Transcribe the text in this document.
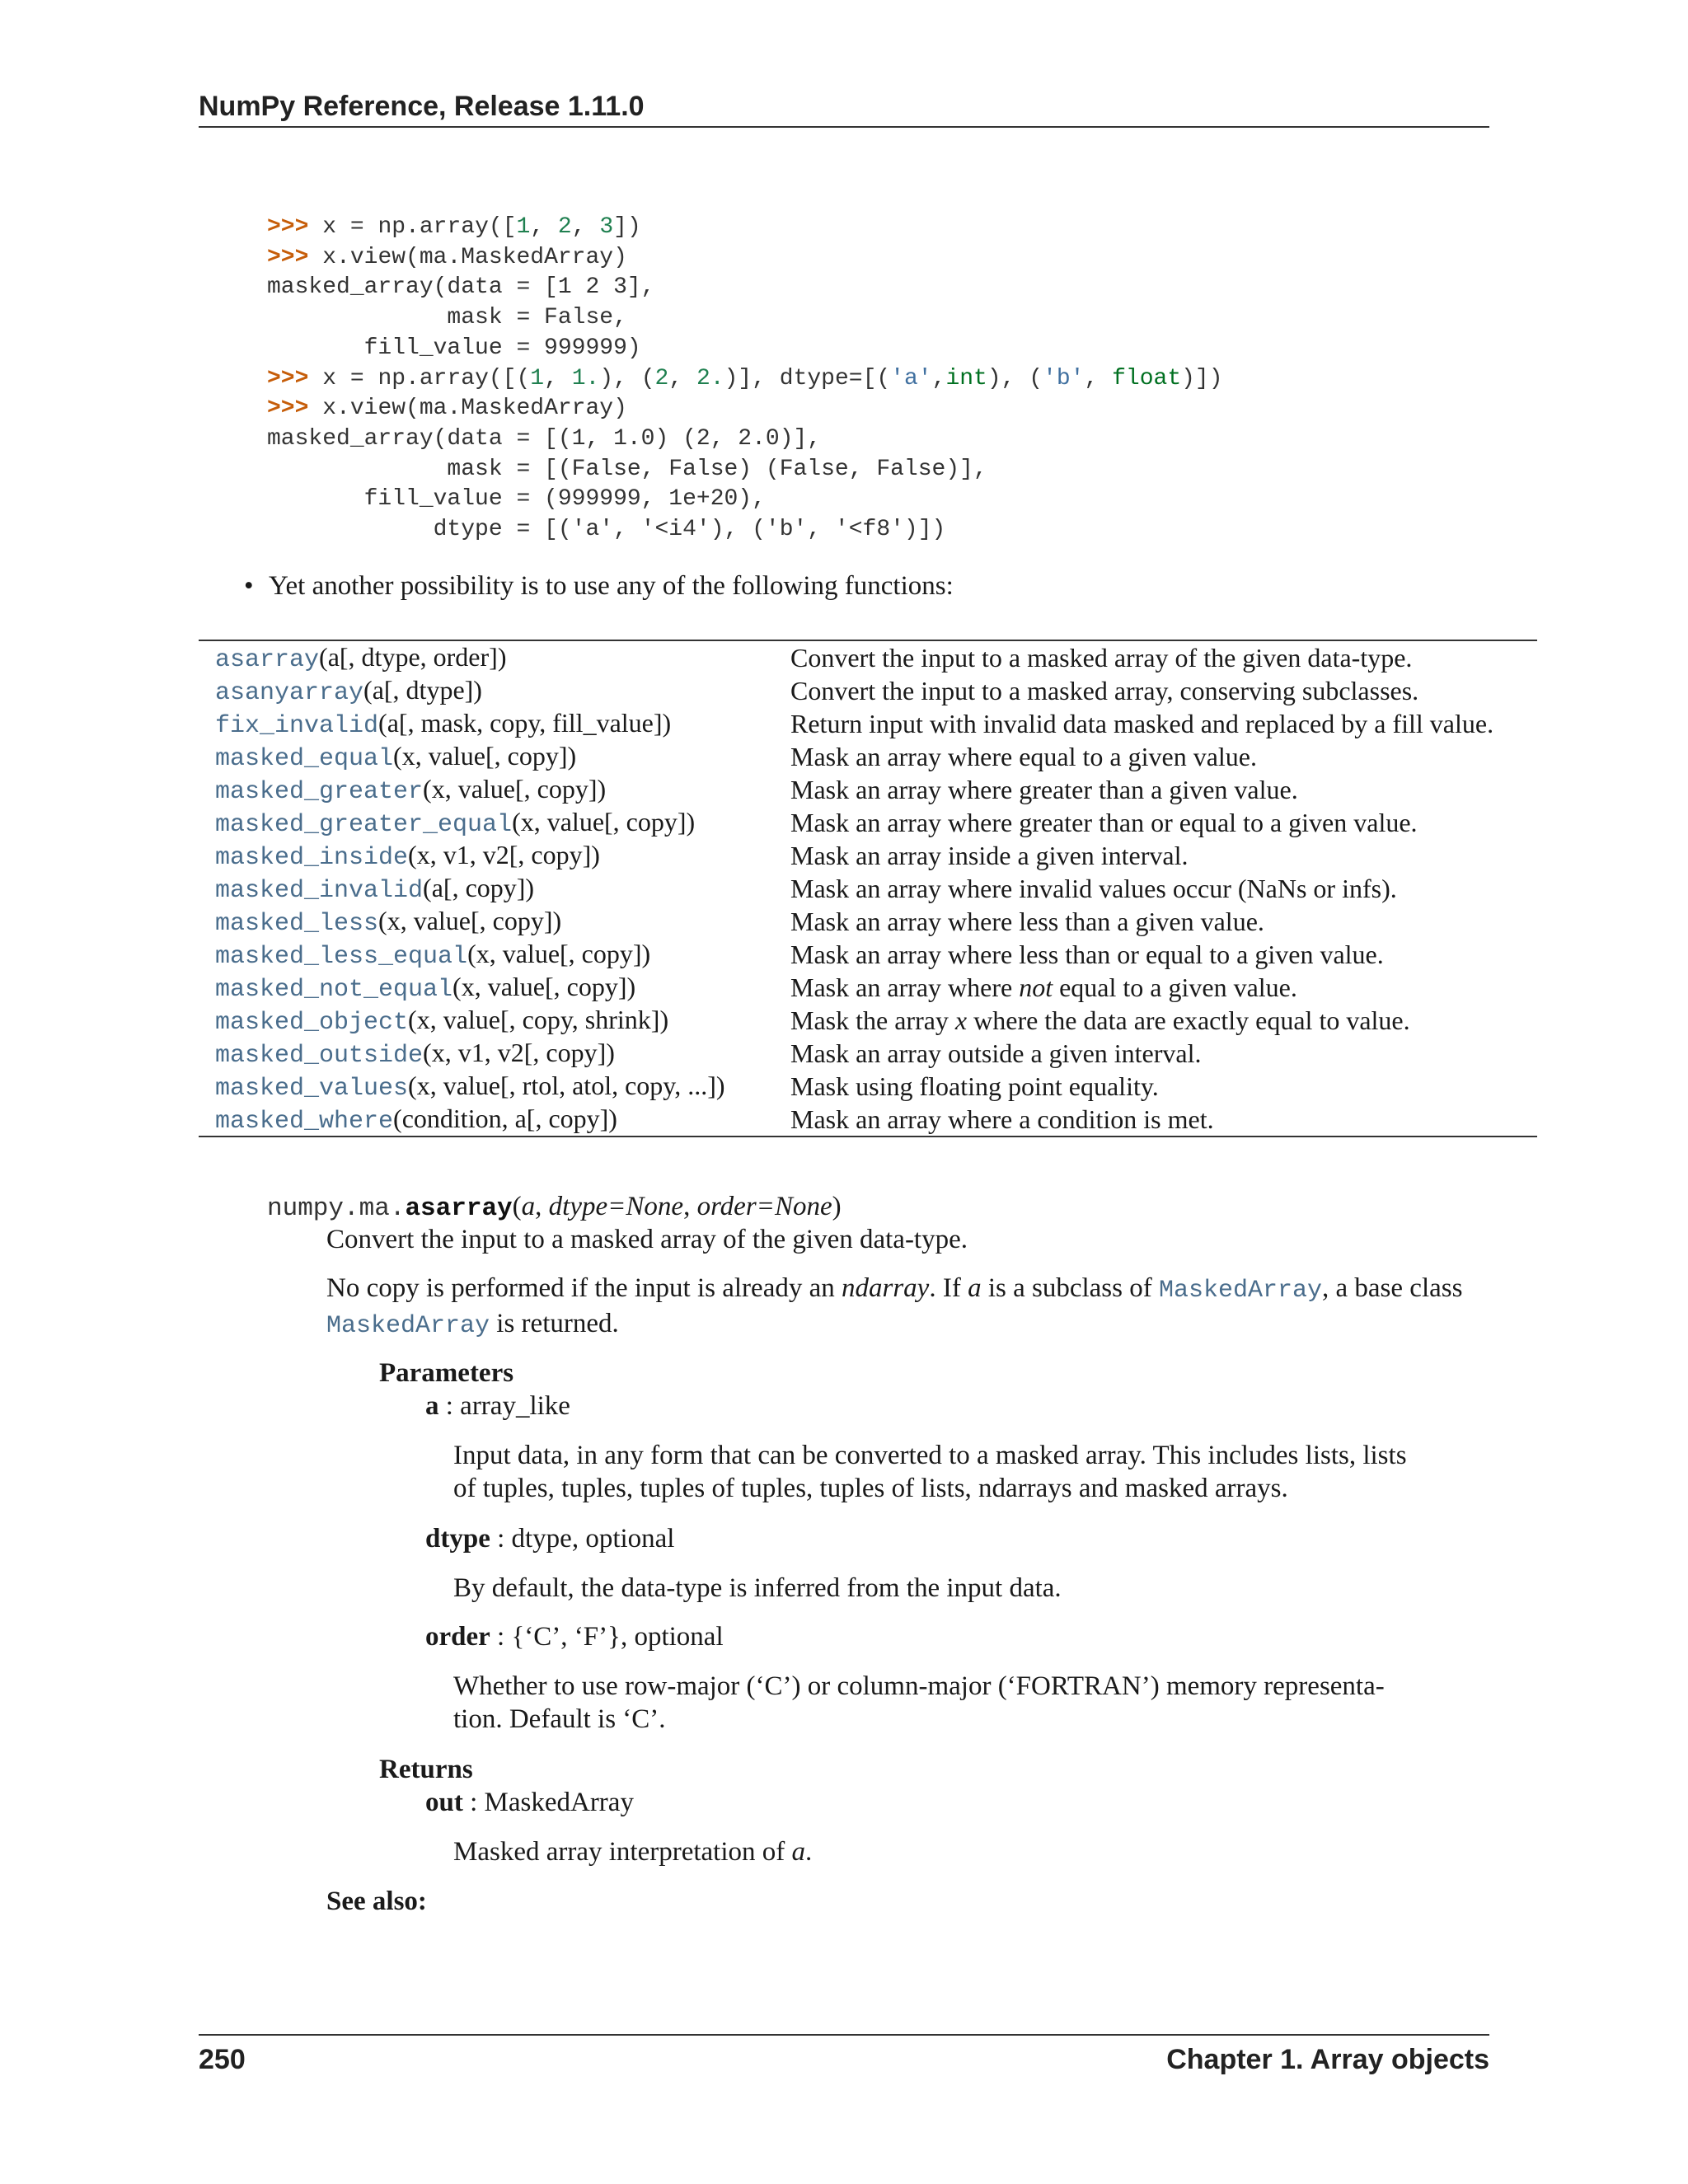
NumPy Reference, Release 1.11.0
>>> x = np.array([1, 2, 3])
>>> x.view(ma.MaskedArray)
masked_array(data = [1 2 3],
mask = False,
fill_value = 999999)
>>> x = np.array([(1, 1.), (2, 2.)], dtype=[('a',int), ('b', float)])
>>> x.view(ma.MaskedArray)
masked_array(data = [(1, 1.0) (2, 2.0)],
mask = [(False, False) (False, False)],
fill_value = (999999, 1e+20),
dtype = [('a', '<i4'), ('b', '<f8')])
• Yet another possibility is to use any of the following functions:
asarray(a[, dtype, order])	Convert the input to a masked array of the given data-type.
asanyarray(a[, dtype])	Convert the input to a masked array, conserving subclasses.
fix_invalid(a[, mask, copy, fill_value])	Return input with invalid data masked and replaced by a fill value.
masked_equal(x, value[, copy])	Mask an array where equal to a given value.
masked_greater(x, value[, copy])	Mask an array where greater than a given value.
masked_greater_equal(x, value[, copy])	Mask an array where greater than or equal to a given value.
masked_inside(x, v1, v2[, copy])	Mask an array inside a given interval.
masked_invalid(a[, copy])	Mask an array where invalid values occur (NaNs or infs).
masked_less(x, value[, copy])	Mask an array where less than a given value.
masked_less_equal(x, value[, copy])	Mask an array where less than or equal to a given value.
masked_not_equal(x, value[, copy])	Mask an array where not equal to a given value.
masked_object(x, value[, copy, shrink])	Mask the array x where the data are exactly equal to value.
masked_outside(x, v1, v2[, copy])	Mask an array outside a given interval.
masked_values(x, value[, rtol, atol, copy, ...])	Mask using floating point equality.
masked_where(condition, a[, copy])	Mask an array where a condition is met.
numpy.ma.asarray(a, dtype=None, order=None)
Convert the input to a masked array of the given data-type.
No copy is performed if the input is already an ndarray. If a is a subclass of MaskedArray, a base class
MaskedArray is returned.
Parameters
a : array_like
Input data, in any form that can be converted to a masked array. This includes lists, lists
of tuples, tuples, tuples of tuples, tuples of lists, ndarrays and masked arrays.
dtype : dtype, optional
By default, the data-type is inferred from the input data.
order : {‘C’, ‘F’}, optional
Whether to use row-major (‘C’) or column-major (‘FORTRAN’) memory representa-
tion. Default is ‘C’.
Returns
out : MaskedArray
Masked array interpretation of a.
See also:
250	Chapter 1. Array objects
